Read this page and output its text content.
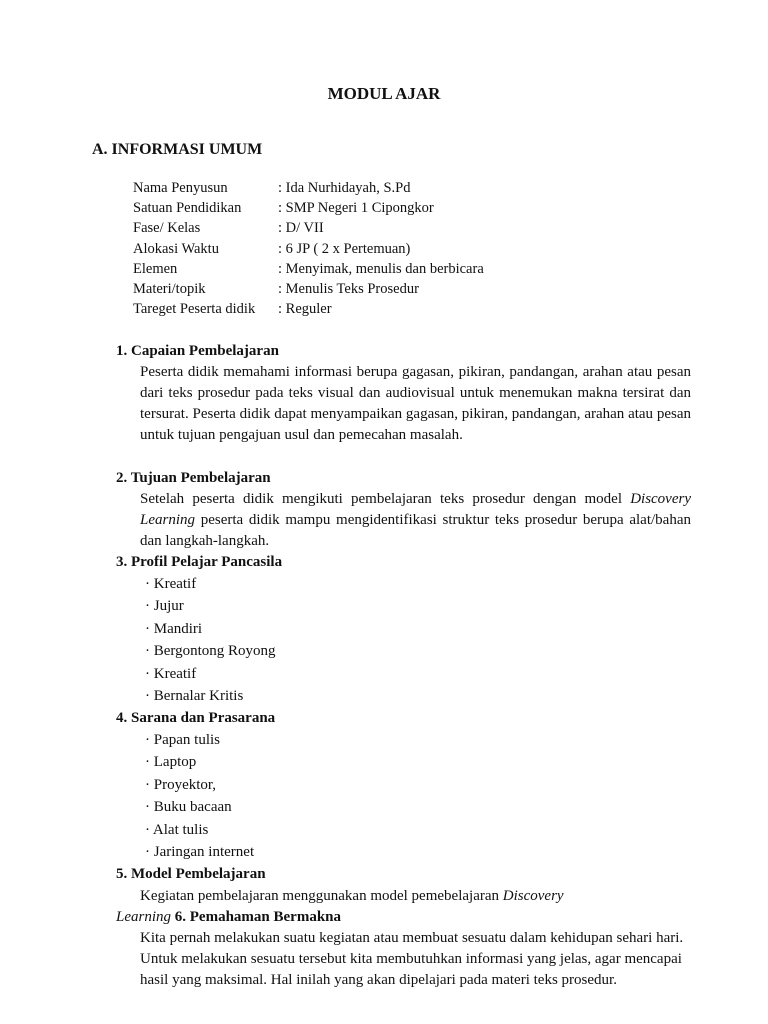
MODUL AJAR
A. INFORMASI UMUM
Nama Penyusun	: Ida Nurhidayah, S.Pd
Satuan Pendidikan	: SMP Negeri 1 Cipongkor
Fase/ Kelas	: D/ VII
Alokasi Waktu	: 6 JP ( 2 x Pertemuan)
Elemen	: Menyimak, menulis dan berbicara
Materi/topik	: Menulis Teks Prosedur
Tareget Peserta didik : Reguler
1. Capaian Pembelajaran
Peserta didik memahami informasi berupa gagasan, pikiran, pandangan, arahan atau pesan dari teks prosedur pada teks visual dan audiovisual untuk menemukan makna tersirat dan tersurat. Peserta didik dapat menyampaikan gagasan, pikiran, pandangan, arahan atau pesan untuk tujuan pengajuan usul dan pemecahan masalah.
2. Tujuan Pembelajaran
Setelah peserta didik mengikuti pembelajaran teks prosedur dengan model Discovery Learning peserta didik mampu mengidentifikasi struktur teks prosedur berupa alat/bahan dan langkah-langkah.
3. Profil Pelajar Pancasila
· Kreatif
· Jujur
· Mandiri
· Bergontong Royong
· Kreatif
· Bernalar Kritis
4. Sarana dan Prasarana
· Papan tulis
· Laptop
· Proyektor,
· Buku bacaan
· Alat tulis
· Jaringan internet
5. Model Pembelajaran
Kegiatan pembelajaran menggunakan model pemebelajaran Discovery
Learning 6. Pemahaman Bermakna
Kita pernah melakukan suatu kegiatan atau membuat sesuatu dalam kehidupan sehari hari. Untuk melakukan sesuatu tersebut kita membutuhkan informasi yang jelas, agar mencapai hasil yang maksimal. Hal inilah yang akan dipelajari pada materi teks prosedur.
